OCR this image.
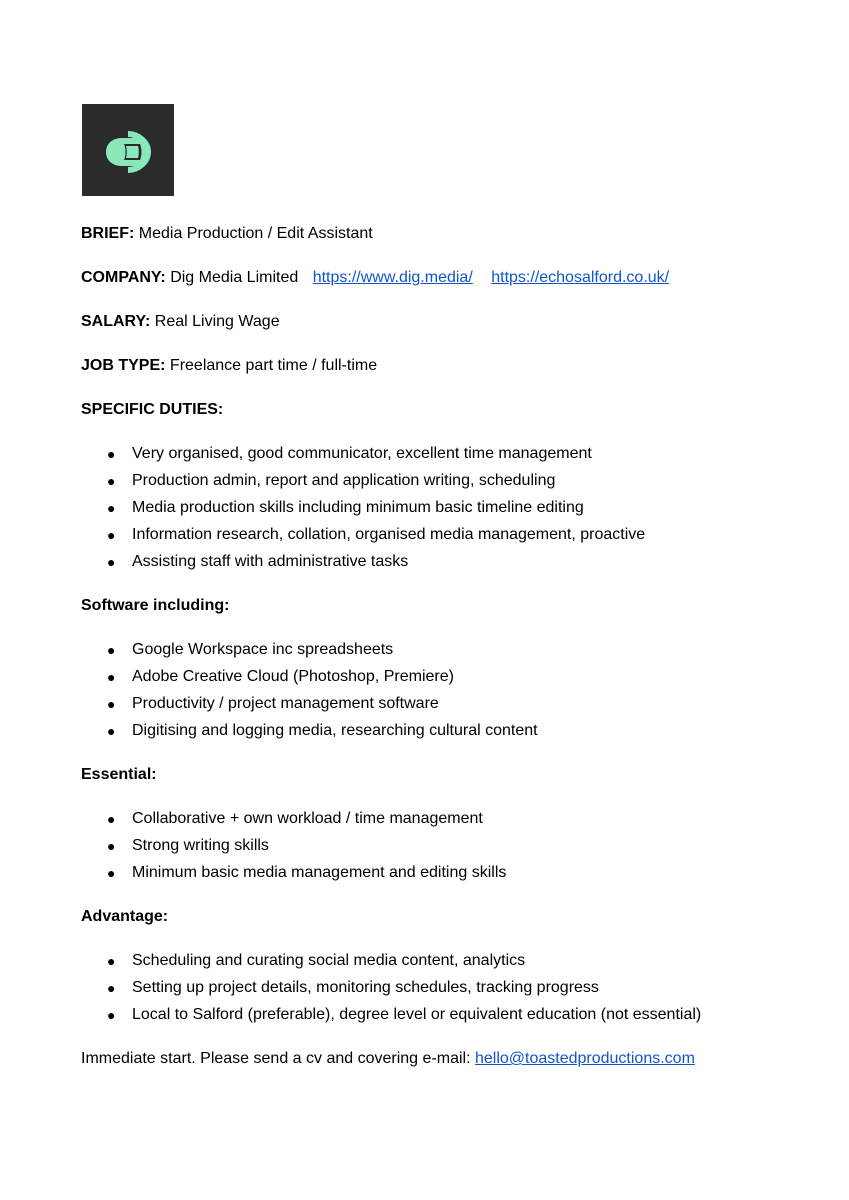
BRIEF: Media Production / Edit Assistant
COMPANY: Dig Media Limited https://www.dig.media/ https://echosalford.co.uk/
SALARY: Real Living Wage
JOB TYPE: Freelance part time / full-time
SPECIFIC DUTIES:
● Very organised, good communicator, excellent time management
● Production admin, report and application writing, scheduling
● Media production skills including minimum basic timeline editing
● Information research, collation, organised media management, proactive
● Assisting staff with administrative tasks
Software including:
● Google Workspace inc spreadsheets
● Adobe Creative Cloud (Photoshop, Premiere)
● Productivity / project management software
● Digitising and logging media, researching cultural content
Essential:
● Collaborative + own workload / time management
● Strong writing skills
● Minimum basic media management and editing skills
Advantage:
● Scheduling and curating social media content, analytics
● Setting up project details, monitoring schedules, tracking progress
● Local to Salford (preferable), degree level or equivalent education (not essential)
Immediate start. Please send a cv and covering e-mail: hello@toastedproductions.com
